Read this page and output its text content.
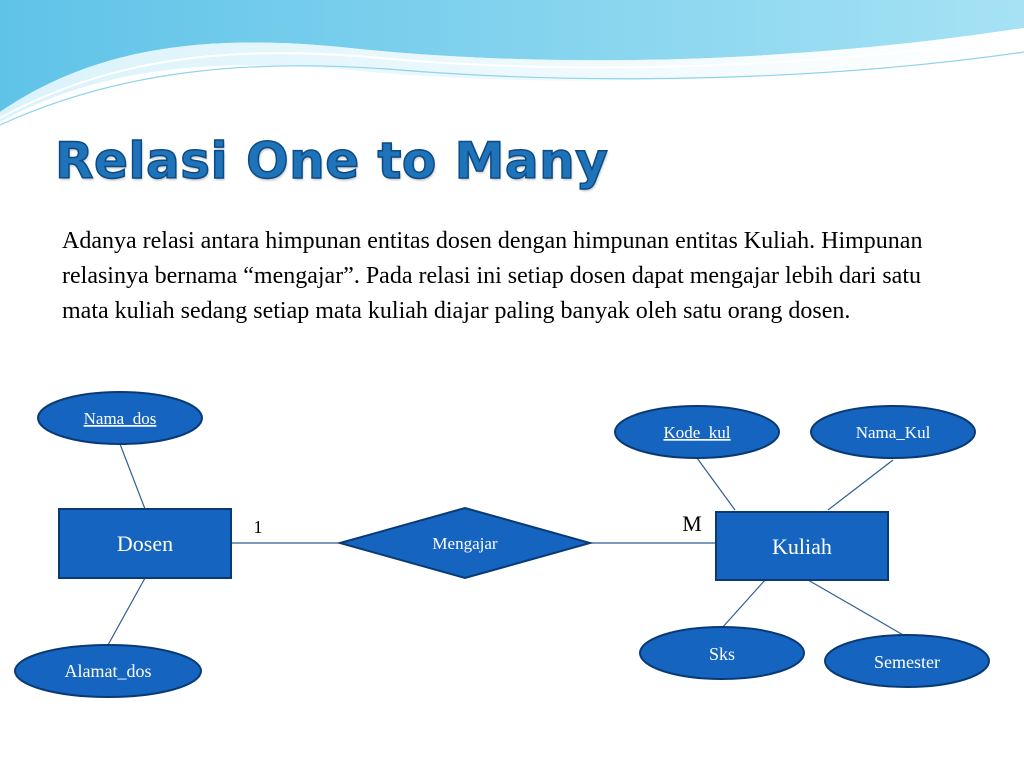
Relasi One to Many

Adanya relasi antara himpunan entitas dosen dengan himpunan entitas Kuliah. Himpunan relasinya bernama “mengajar”. Pada relasi ini setiap dosen dapat mengajar lebih dari satu mata kuliah sedang setiap mata kuliah diajar paling banyak oleh satu orang dosen.

Nama_dos
Alamat_dos
Kode_kul	Nama_Kul
Sks	Semester
Dosen	Kuliah
Mengajar
1	M
